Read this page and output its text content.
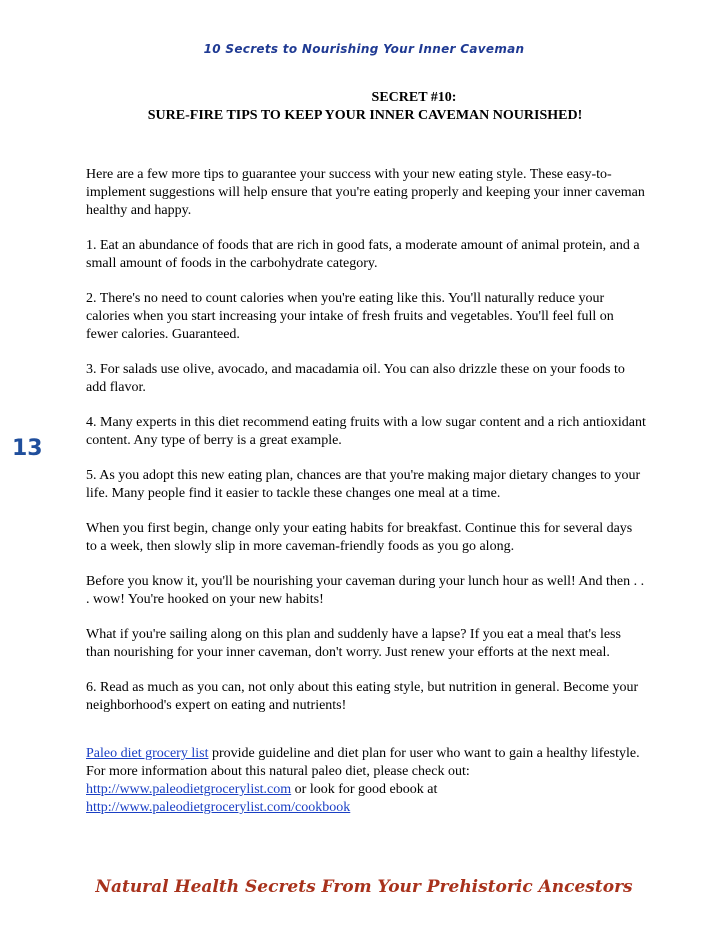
10 Secrets to Nourishing Your Inner Caveman
SECRET #10:
SURE-FIRE TIPS TO KEEP YOUR INNER CAVEMAN NOURISHED!
13

Here are a few more tips to guarantee your success with your new eating style. These easy-to-implement suggestions will help ensure that you're eating properly and keeping your inner caveman healthy and happy.

1. Eat an abundance of foods that are rich in good fats, a moderate amount of animal protein, and a small amount of foods in the carbohydrate category.

2. There's no need to count calories when you're eating like this. You'll naturally reduce your calories when you start increasing your intake of fresh fruits and vegetables. You'll feel full on fewer calories. Guaranteed.

3. For salads use olive, avocado, and macadamia oil. You can also drizzle these on your foods to add flavor.

4. Many experts in this diet recommend eating fruits with a low sugar content and a rich antioxidant content. Any type of berry is a great example.

5. As you adopt this new eating plan, chances are that you're making major dietary changes to your life. Many people find it easier to tackle these changes one meal at a time.

When you first begin, change only your eating habits for breakfast. Continue this for several days to a week, then slowly slip in more caveman-friendly foods as you go along.

Before you know it, you'll be nourishing your caveman during your lunch hour as well! And then . . . wow! You're hooked on your new habits!

What if you're sailing along on this plan and suddenly have a lapse? If you eat a meal that's less than nourishing for your inner caveman, don't worry. Just renew your efforts at the next meal.

6. Read as much as you can, not only about this eating style, but nutrition in general. Become your neighborhood's expert on eating and nutrients!

Paleo diet grocery list provide guideline and diet plan for user who want to gain a healthy lifestyle. For more information about this natural paleo diet, please check out: http://www.paleodietgrocerylist.com or look for good ebook at http://www.paleodietgrocerylist.com/cookbook

Natural Health Secrets From Your Prehistoric Ancestors
